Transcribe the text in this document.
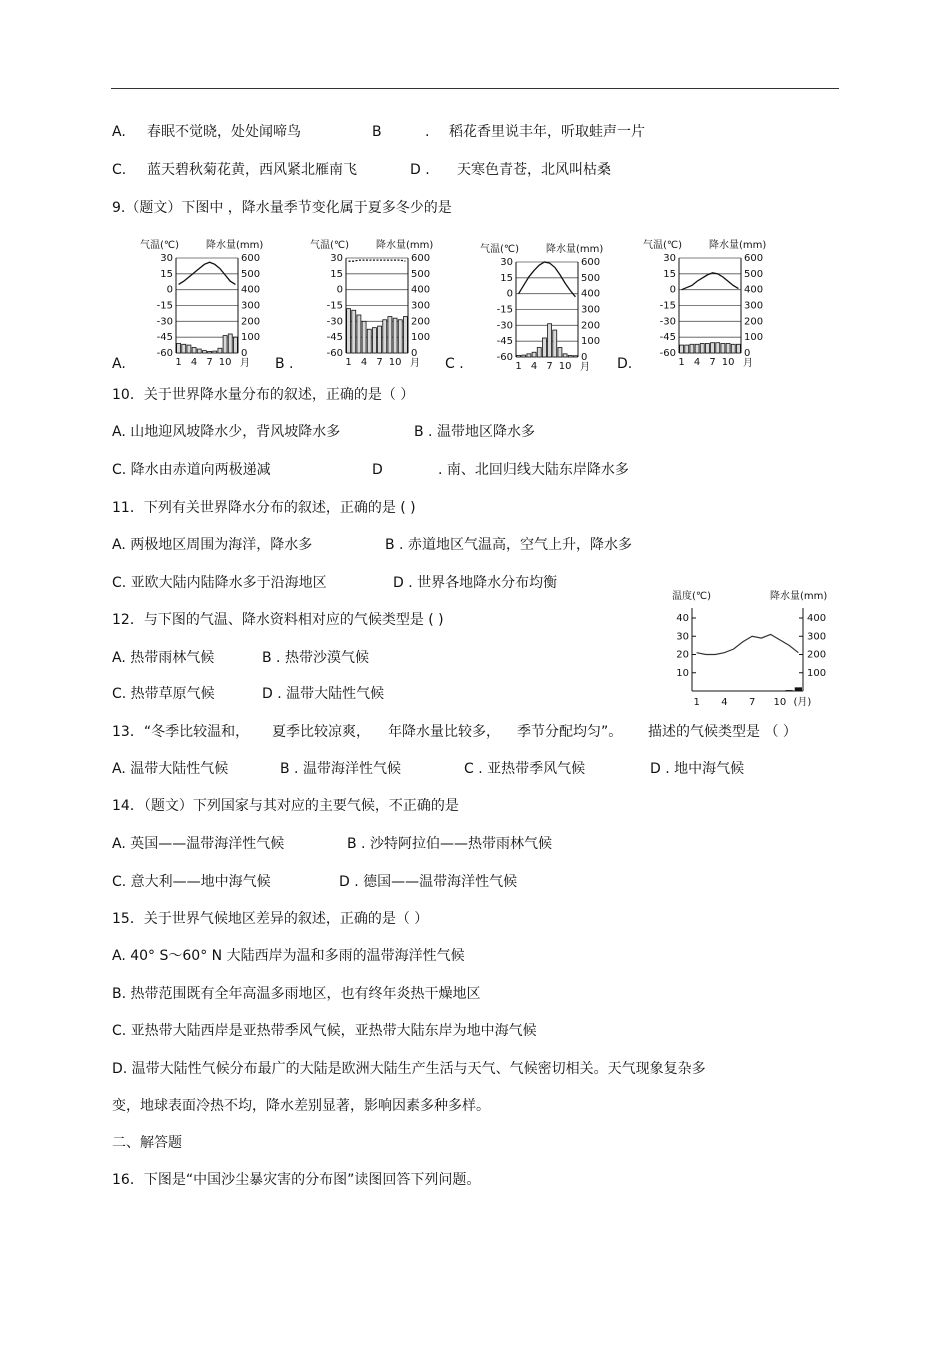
A. 春眠不觉晓，处处闻啼鸟	B	. 稻花香里说丰年，听取蛙声一片
C. 蓝天碧秋菊花黄，西风紧北雁南飞	D . 天寒色青苍，北风叫枯桑
9.（题文）下图中 ，降水量季节变化属于夏多冬少的是
A.	B .	C .	D.
气温(℃)	降水量(mm)
30	600
15	500
0	400
-15	300
-30	200
-45	100
-60	0
1 4 7 10 月
气温(℃)	降水量(mm)
30	600
15	500
0	400
-15	300
-30	200
-45	100
-60	0
1 4 7 10 月
气温(℃)	降水量(mm)
30	600
15	500
0	400
-15	300
-30	200
-45	100
-60	0
1 4 7 10 月
气温(℃)	降水量(mm)
30	600
15	500
0	400
-15	300
-30	200
-45	100
-60	0
1 4 7 10 月
10．关于世界降水量分布的叙述，正确的是（ ）
A. 山地迎风坡降水少，背风坡降水多	B . 温带地区降水多
C. 降水由赤道向两极递减	D	. 南、北回归线大陆东岸降水多
11．下列有关世界降水分布的叙述，正确的是 ( )
A. 两极地区周围为海洋，降水多	B . 赤道地区气温高，空气上升，降水多
C. 亚欧大陆内陆降水多于沿海地区	D . 世界各地降水分布均衡
12．与下图的气温、降水资料相对应的气候类型是 ( )
A. 热带雨林气候	B . 热带沙漠气候
C. 热带草原气候	D . 温带大陆性气候
温度(℃)	降水量(mm)
40
30
20
10
400
300
200
100
1 4 7 10 (月)
13．“冬季比较温和， 夏季比较凉爽， 年降水量比较多， 季节分配均匀”。 描述的气候类型是 （ ）
A. 温带大陆性气候	B . 温带海洋性气候	C . 亚热带季风气候	D . 地中海气候
14．（题文）下列国家与其对应的主要气候，不正确的是
A. 英国——温带海洋性气候	B . 沙特阿拉伯——热带雨林气候
C. 意大利——地中海气候	D . 德国——温带海洋性气候
15．关于世界气候地区差异的叙述，正确的是（ ）
A. 40° S～60° N 大陆西岸为温和多雨的温带海洋性气候
B. 热带范围既有全年高温多雨地区，也有终年炎热干燥地区
C. 亚热带大陆西岸是亚热带季风气候，亚热带大陆东岸为地中海气候
D. 温带大陆性气候分布最广的大陆是欧洲大陆生产生活与天气、气候密切相关。天气现象复杂多
变，地球表面冷热不均，降水差别显著，影响因素多种多样。
二、解答题
16．下图是“中国沙尘暴灾害的分布图”读图回答下列问题。
